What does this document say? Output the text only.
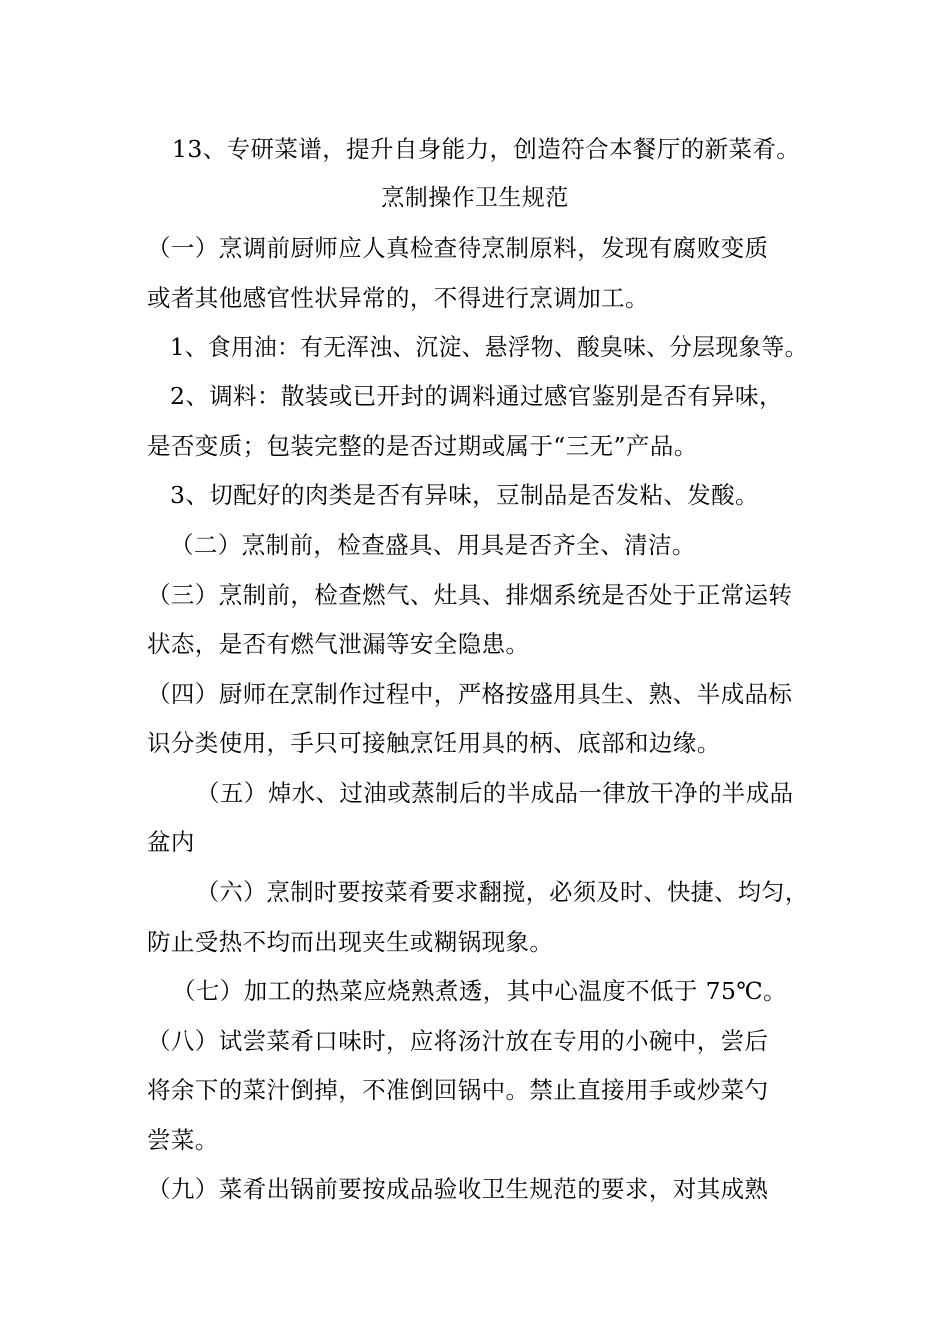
13、专研菜谱，提升自身能力，创造符合本餐厅的新菜肴。
烹制操作卫生规范
（一）烹调前厨师应人真检查待烹制原料，发现有腐败变质
或者其他感官性状异常的，不得进行烹调加工。
1、食用油：有无浑浊、沉淀、悬浮物、酸臭味、分层现象等。
2、调料：散装或已开封的调料通过感官鉴别是否有异味，
是否变质；包装完整的是否过期或属于“三无”产品。
3、切配好的肉类是否有异味，豆制品是否发粘、发酸。
（二）烹制前，检查盛具、用具是否齐全、清洁。
（三）烹制前，检查燃气、灶具、排烟系统是否处于正常运转
状态，是否有燃气泄漏等安全隐患。
（四）厨师在烹制作过程中，严格按盛用具生、熟、半成品标
识分类使用，手只可接触烹饪用具的柄、底部和边缘。
（五）焯水、过油或蒸制后的半成品一律放干净的半成品
盆内
（六）烹制时要按菜肴要求翻搅，必须及时、快捷、均匀，
防止受热不均而出现夹生或糊锅现象。
（七）加工的热菜应烧熟煮透，其中心温度不低于 75℃。
（八）试尝菜肴口味时，应将汤汁放在专用的小碗中，尝后
将余下的菜汁倒掉，不准倒回锅中。禁止直接用手或炒菜勺
尝菜。
（九）菜肴出锅前要按成品验收卫生规范的要求，对其成熟
